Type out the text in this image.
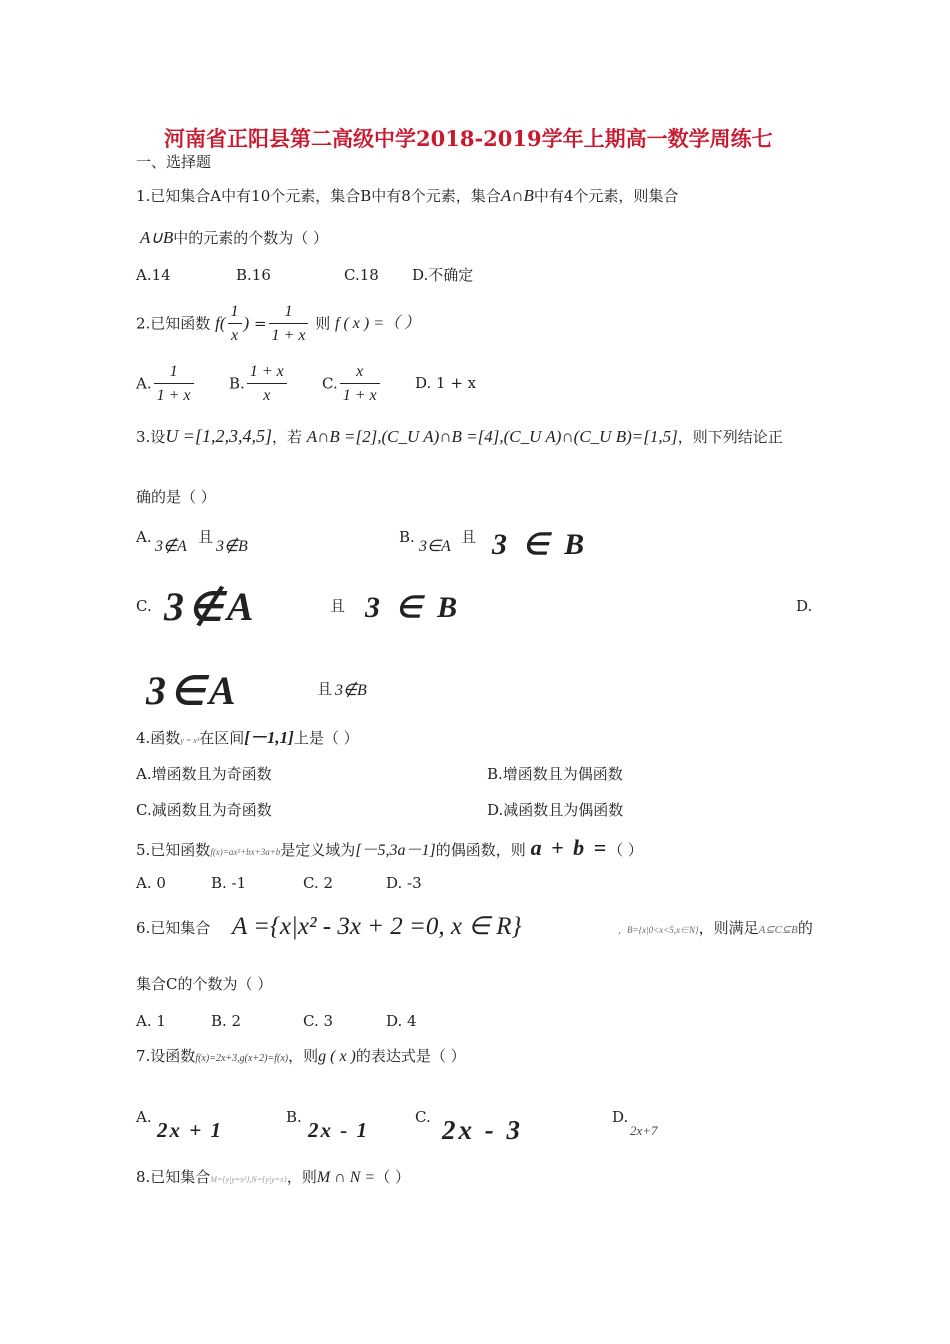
河南省正阳县第二高级中学2018-2019学年上期高一数学周练七
一、选择题
1.已知集合A中有10个元素，集合B中有8个元素，集合A∩B中有4个元素，则集合
A∪B中的元素的个数为（ ）
A.14	B.16	C.18 D.不确定
2.已知函数 $f( \frac{1}{x}$ ) = $\frac{1}{1 + x}$ 则 f ( x ) =（ ）
A. $\frac{1}{1 + x} B$. $\frac{1 + x}{x} C$. $\frac{x}{1 + x} D$. 1 + x
3.设U =[1,2,3,4,5]，若 A∩B =[2],(C_U A)∩B =[4],(C_U A)∩(C_U B)=[1,5]，则下列结论正
确的是（ ）
A.
3∉A
且
3∉B
B.
3∈A
且 3 ∈ B
C. 3∉A	且 3 ∈ B	D.
3∈A	且 3∉B
4.函数y = x³在区间[－1,1]上是（ ）
A.增函数且为奇函数	B.增函数且为偶函数
C.减函数且为奇函数	D.减函数且为偶函数
5.已知函数f(x)=ax²+bx+3a+b是定义域为[－5,3a－1]的偶函数，则 a + b =（ ）
A. 0	B. -1	C. 2	D. -3
6.已知集合 A ={x|x² - 3x + 2 =0, x ∈ R}	，B={x|0<x<5,x∈N}，则满足A⊆C⊆B的
集合C的个数为（ ）
A. 1	B. 2	C. 3	D. 4
7.设函数f(x)=2x+3,g(x+2)=f(x)，则g ( x )的表达式是（ ）
A.
2x + 1
B.
2x - 1
C. 2x - 3	D.
2x+7
8.已知集合M={y|y=x²},N={y|y=x}，则M ∩ N =（ ）
